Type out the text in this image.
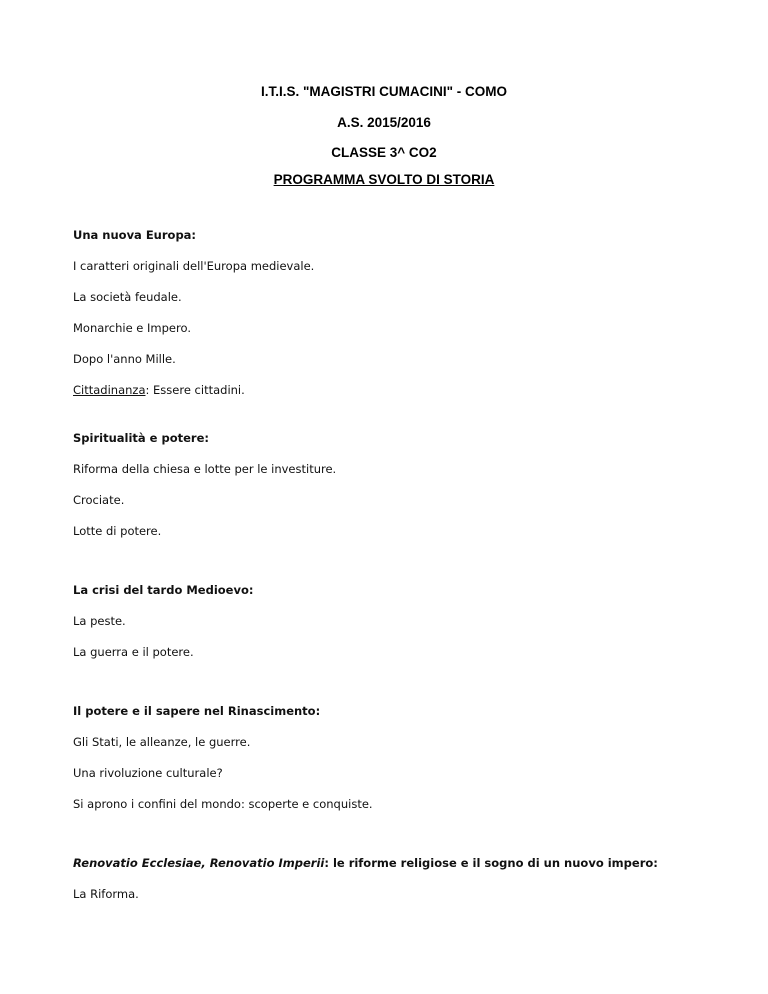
I.T.I.S. "MAGISTRI CUMACINI" - COMO
A.S. 2015/2016
CLASSE 3^ CO2
PROGRAMMA SVOLTO DI STORIA
Una nuova Europa:
I caratteri originali dell'Europa medievale.
La società feudale.
Monarchie e Impero.
Dopo l'anno Mille.
Cittadinanza: Essere cittadini.
Spiritualità e potere:
Riforma della chiesa e lotte per le investiture.
Crociate.
Lotte di potere.
La crisi del tardo Medioevo:
La peste.
La guerra e il potere.
Il potere e il sapere nel Rinascimento:
Gli Stati, le alleanze, le guerre.
Una rivoluzione culturale?
Si aprono i confini del mondo: scoperte e conquiste.
Renovatio Ecclesiae, Renovatio Imperii: le riforme religiose e il sogno di un nuovo impero:
La Riforma.
